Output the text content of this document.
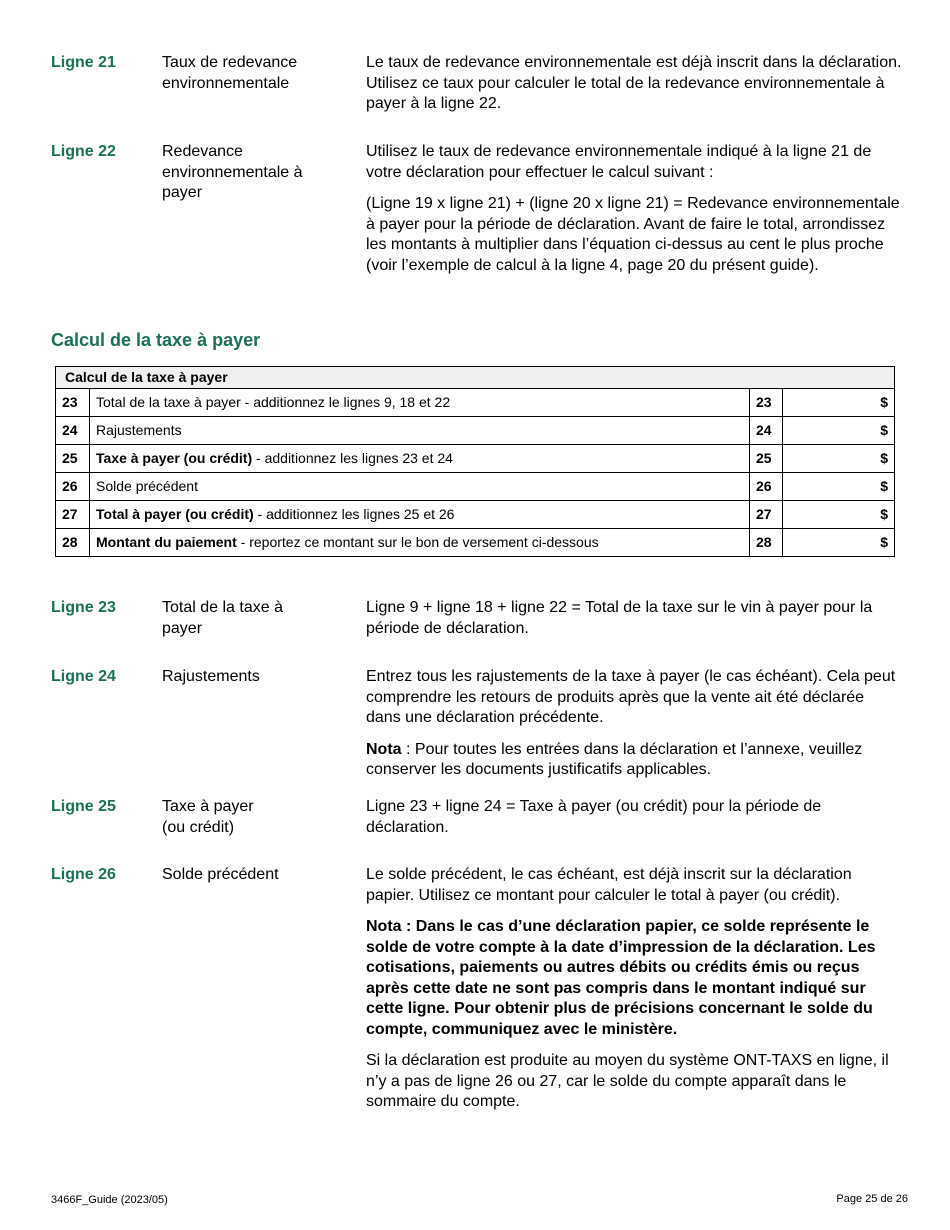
Ligne 21	Taux de redevance environnementale

Le taux de redevance environnementale est déjà inscrit dans la déclaration. Utilisez ce taux pour calculer le total de la redevance environnementale à payer à la ligne 22.

Ligne 22	Redevance environnementale à payer

Utilisez le taux de redevance environnementale indiqué à la ligne 21 de votre déclaration pour effectuer le calcul suivant :

(Ligne 19 x ligne 21) + (ligne 20 x ligne 21) = Redevance environnementale à payer pour la période de déclaration. Avant de faire le total, arrondissez les montants à multiplier dans l’équation ci-dessus au cent le plus proche (voir l’exemple de calcul à la ligne 4, page 20 du présent guide).

Calcul de la taxe à payer
Calcul de la taxe à payer			
23	Total de la taxe à payer - additionnez le lignes 9, 18 et 22	23	$
24	Rajustements	24	$
25	Taxe à payer (ou crédit) - additionnez les lignes 23 et 24	25	$
26	Solde précédent	26	$
27	Total à payer (ou crédit) - additionnez les lignes 25 et 26	27	$
28	Montant du paiement - reportez ce montant sur le bon de versement ci-dessous	28	$
Ligne 23	Total de la taxe à payer

Ligne 9 + ligne 18 + ligne 22 = Total de la taxe sur le vin à payer pour la période de déclaration.

Ligne 24	Rajustements	Entrez tous les rajustements de la taxe à payer (le cas échéant). Cela peut comprendre les retours de produits après que la vente ait été déclarée dans une déclaration précédente.

Nota : Pour toutes les entrées dans la déclaration et l’annexe, veuillez conserver les documents justificatifs applicables.

Ligne 25	Taxe à payer (ou crédit)

Ligne 23 + ligne 24 = Taxe à payer (ou crédit) pour la période de déclaration.

Ligne 26	Solde précédent	Le solde précédent, le cas échéant, est déjà inscrit sur la déclaration papier. Utilisez ce montant pour calculer le total à payer (ou crédit).

Nota : Dans le cas d’une déclaration papier, ce solde représente le solde de votre compte à la date d’impression de la déclaration. Les cotisations, paiements ou autres débits ou crédits émis ou reçus après cette date ne sont pas compris dans le montant indiqué sur cette ligne. Pour obtenir plus de précisions concernant le solde du compte, communiquez avec le ministère.

Si la déclaration est produite au moyen du système ONT-TAXS en ligne, il n’y a pas de ligne 26 ou 27, car le solde du compte apparaît dans le sommaire du compte.

3466F_Guide (2023/05)	Page 25 de 26
